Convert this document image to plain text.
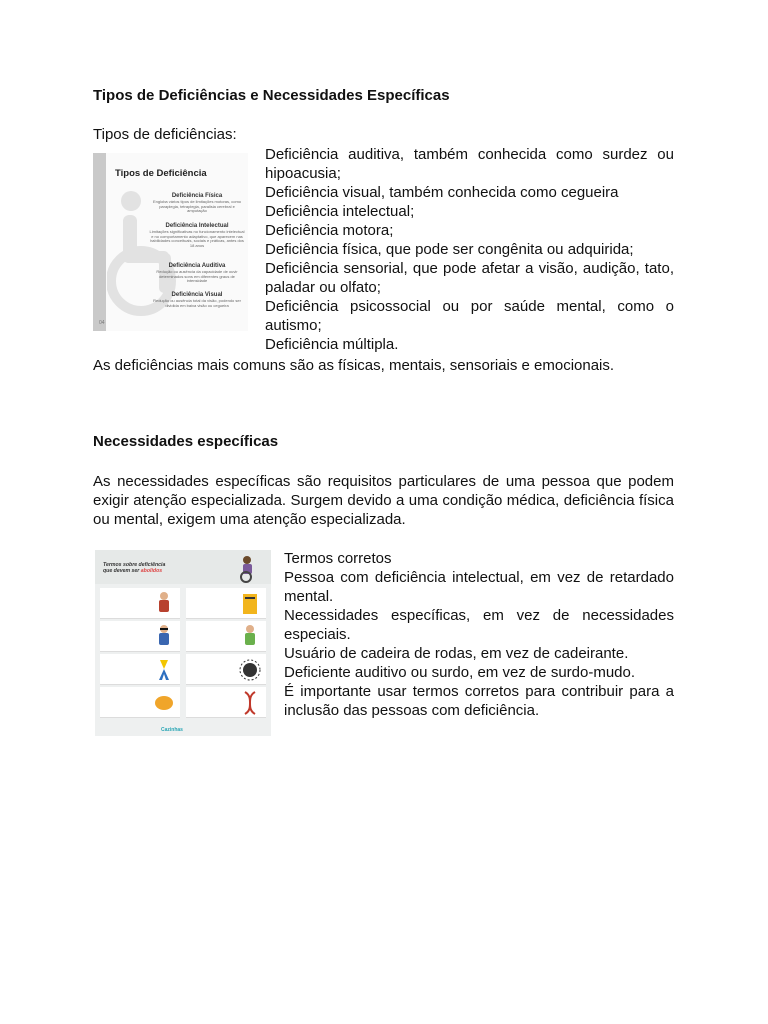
Tipos de Deficiências e Necessidades Específicas
Tipos de deficiências:
Deficiência auditiva, também conhecida como surdez ou hipoacusia;
Deficiência visual, também conhecida como cegueira
Deficiência intelectual;
Deficiência motora;
Deficiência física, que pode ser congênita ou adquirida;
Deficiência sensorial, que pode afetar a visão, audição, tato, paladar ou olfato;
Deficiência psicossocial ou por saúde mental, como o autismo;
Deficiência múltipla.
As deficiências mais comuns são as físicas, mentais, sensoriais e emocionais.
Tipos de Deficiência
Deficiência Física
Engloba vários tipos de limitações motoras, como paraplegia, tetraplegia, paralisia cerebral e amputação
Deficiência Intelectual
Limitações significativas no funcionamento intelectual e no comportamento adaptativo, que aparecem nas habilidades conceituais, sociais e práticas, antes dos 18 anos
Deficiência Auditiva
Redução ou ausência da capacidade de ouvir determinados sons em diferentes graus de intensidade
Deficiência Visual
Redução ou ausência total da visão, podendo ser dividida em baixa visão ou cegueira
04
Necessidades específicas
As necessidades específicas são requisitos particulares de uma pessoa que podem exigir atenção especializada. Surgem devido a uma condição médica, deficiência física ou mental, exigem uma atenção especializada.
Termos corretos
Pessoa com deficiência intelectual, em vez de retardado mental.
Necessidades específicas, em vez de necessidades especiais.
Usuário de cadeira de rodas, em vez de cadeirante.
Deficiente auditivo ou surdo, em vez de surdo-mudo.
É importante usar termos corretos para contribuir para a inclusão das pessoas com deficiência.
Termos sobre deficiência
que devem ser abolidos
Cazinhas
